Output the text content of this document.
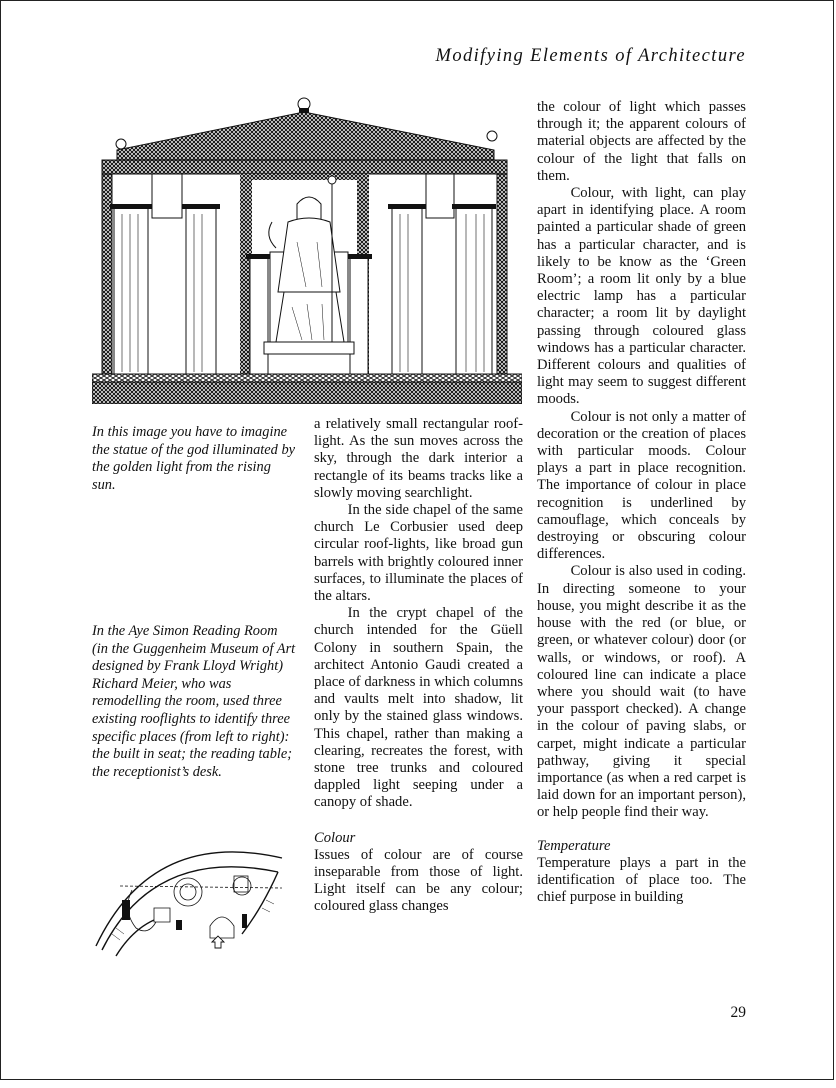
Modifying Elements of Architecture
In this image you have to imagine the statue of the god illuminated by the golden light from the rising sun.
In the Aye Simon Reading Room (in the Guggenheim Museum of Art designed by Frank Lloyd Wright) Richard Meier, who was remodelling the room, used three existing rooflights to identify three specific places (from left to right): the built in seat; the reading table; the receptionist’s desk.

a relatively small rectangular roof-light. As the sun moves across the sky, through the dark interior a rectangle of its beams tracks like a slowly moving searchlight.

In the side chapel of the same church Le Corbusier used deep circular roof-lights, like broad gun barrels with brightly coloured inner surfaces, to illuminate the places of the altars.

In the crypt chapel of the church intended for the Güell Colony in southern Spain, the architect Antonio Gaudi created a place of darkness in which columns and vaults melt into shadow, lit only by the stained glass windows. This chapel, rather than making a clearing, recreates the forest, with stone tree trunks and coloured dappled light seeping under a canopy of shade.

Colour

Issues of colour are of course inseparable from those of light. Light itself can be any colour; coloured glass changes

the colour of light which passes through it; the apparent colours of material objects are affected by the colour of the light that falls on them.

Colour, with light, can play apart in identifying place. A room painted a particular shade of green has a particular character, and is likely to be know as the ‘Green Room’; a room lit only by a blue electric lamp has a particular character; a room lit by daylight passing through coloured glass windows has a particular character. Different colours and qualities of light may seem to suggest different moods.

Colour is not only a matter of decoration or the creation of places with particular moods. Colour plays a part in place recognition. The importance of colour in place recognition is underlined by camouflage, which conceals by destroying or obscuring colour differences.

Colour is also used in coding. In directing someone to your house, you might describe it as the house with the red (or blue, or green, or whatever colour) door (or walls, or windows, or roof). A coloured line can indicate a place where you should wait (to have your passport checked). A change in the colour of paving slabs, or carpet, might indicate a particular pathway, giving it special importance (as when a red carpet is laid down for an important person), or help people find their way.

Temperature

Temperature plays a part in the identification of place too. The chief purpose in building

29
